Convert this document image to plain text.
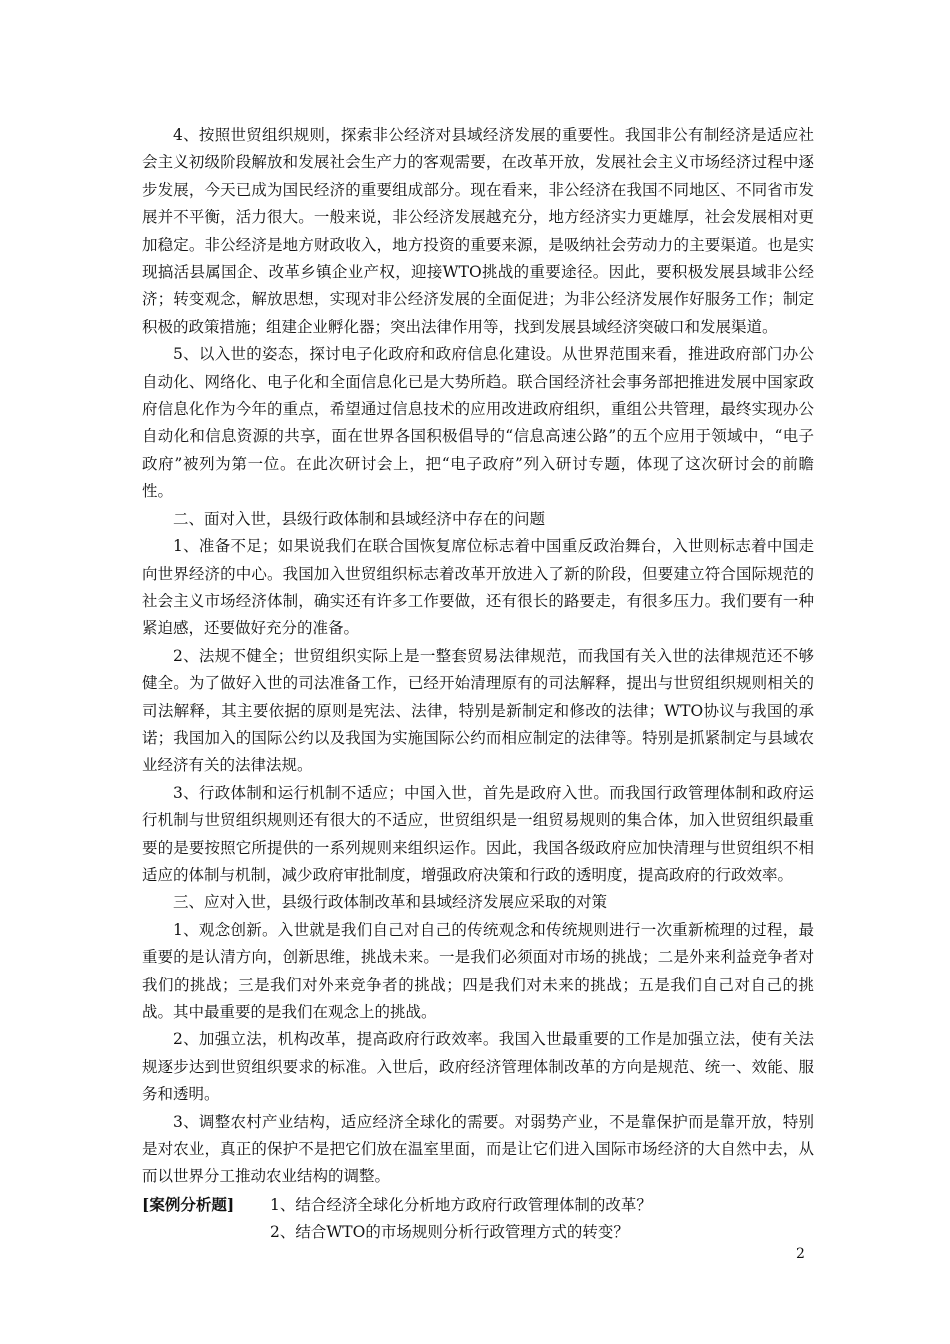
4、按照世贸组织规则，探索非公经济对县域经济发展的重要性。我国非公有制经济是适应社会主义初级阶段解放和发展社会生产力的客观需要，在改革开放，发展社会主义市场经济过程中逐步发展，今天已成为国民经济的重要组成部分。现在看来，非公经济在我国不同地区、不同省市发展并不平衡，活力很大。一般来说，非公经济发展越充分，地方经济实力更雄厚，社会发展相对更加稳定。非公经济是地方财政收入，地方投资的重要来源，是吸纳社会劳动力的主要渠道。也是实现搞活县属国企、改革乡镇企业产权，迎接WTO挑战的重要途径。因此，要积极发展县域非公经济；转变观念，解放思想，实现对非公经济发展的全面促进；为非公经济发展作好服务工作；制定积极的政策措施；组建企业孵化器；突出法律作用等，找到发展县域经济突破口和发展渠道。

5、以入世的姿态，探讨电子化政府和政府信息化建设。从世界范围来看，推进政府部门办公自动化、网络化、电子化和全面信息化已是大势所趋。联合国经济社会事务部把推进发展中国家政府信息化作为今年的重点，希望通过信息技术的应用改进政府组织，重组公共管理，最终实现办公自动化和信息资源的共享，面在世界各国积极倡导的“信息高速公路”的五个应用于领域中，“电子政府”被列为第一位。在此次研讨会上，把“电子政府”列入研讨专题，体现了这次研讨会的前瞻性。

二、面对入世，县级行政体制和县域经济中存在的问题

1、准备不足；如果说我们在联合国恢复席位标志着中国重反政治舞台，入世则标志着中国走向世界经济的中心。我国加入世贸组织标志着改革开放进入了新的阶段，但要建立符合国际规范的社会主义市场经济体制，确实还有许多工作要做，还有很长的路要走，有很多压力。我们要有一种紧迫感，还要做好充分的准备。

2、法规不健全；世贸组织实际上是一整套贸易法律规范，而我国有关入世的法律规范还不够健全。为了做好入世的司法准备工作，已经开始清理原有的司法解释，提出与世贸组织规则相关的司法解释，其主要依据的原则是宪法、法律，特别是新制定和修改的法律；WTO协议与我国的承诺；我国加入的国际公约以及我国为实施国际公约而相应制定的法律等。特别是抓紧制定与县域农业经济有关的法律法规。

3、行政体制和运行机制不适应；中国入世，首先是政府入世。而我国行政管理体制和政府运行机制与世贸组织规则还有很大的不适应，世贸组织是一组贸易规则的集合体，加入世贸组织最重要的是要按照它所提供的一系列规则来组织运作。因此，我国各级政府应加快清理与世贸组织不相适应的体制与机制，减少政府审批制度，增强政府决策和行政的透明度，提高政府的行政效率。

三、应对入世，县级行政体制改革和县域经济发展应采取的对策

1、观念创新。入世就是我们自己对自己的传统观念和传统规则进行一次重新梳理的过程，最重要的是认清方向，创新思维，挑战未来。一是我们必须面对市场的挑战；二是外来利益竞争者对我们的挑战；三是我们对外来竞争者的挑战；四是我们对未来的挑战；五是我们自己对自己的挑战。其中最重要的是我们在观念上的挑战。

2、加强立法，机构改革，提高政府行政效率。我国入世最重要的工作是加强立法，使有关法规逐步达到世贸组织要求的标准。入世后，政府经济管理体制改革的方向是规范、统一、效能、服务和透明。

3、调整农村产业结构，适应经济全球化的需要。对弱势产业，不是靠保护而是靠开放，特别是对农业，真正的保护不是把它们放在温室里面，而是让它们进入国际市场经济的大自然中去，从而以世界分工推动农业结构的调整。

[案例分析题]	1、结合经济全球化分析地方政府行政管理体制的改革？
2、结合WTO的市场规则分析行政管理方式的转变？
2
